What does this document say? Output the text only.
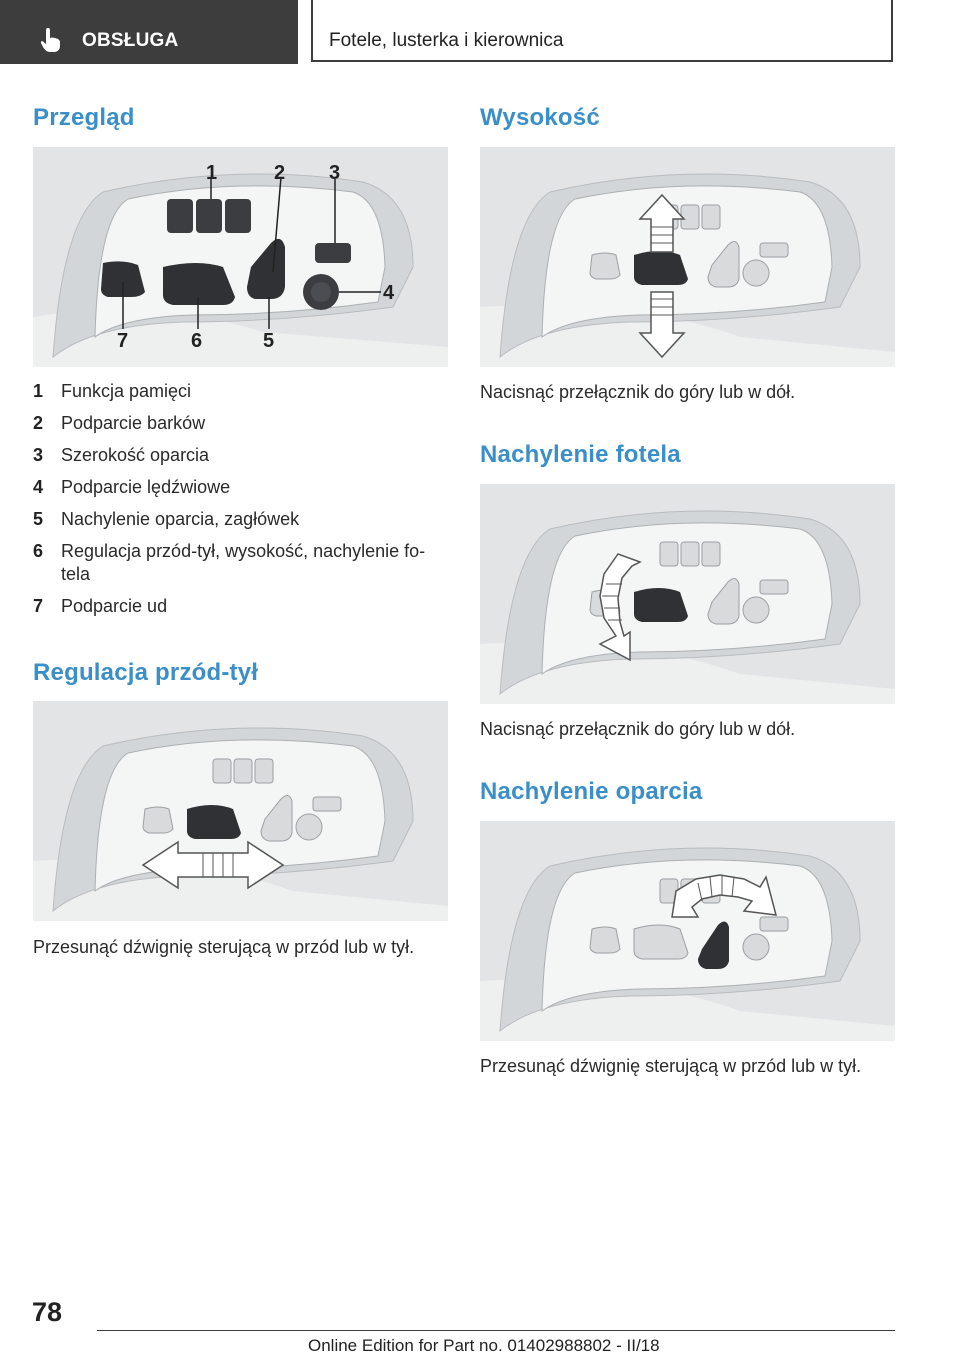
OBSŁUGA	Fotele, lusterka i kierownica
Przegląd
1	2 3
4
5
6
7
1 Funkcja pamięci
2 Podparcie barków
3 Szerokość oparcia
4 Podparcie lędźwiowe
5 Nachylenie oparcia, zagłówek
6 Regulacja przód-tył, wysokość, nachylenie fo-tela
7 Podparcie ud
Regulacja przód-tył
Przesunąć dźwignię sterującą w przód lub w tył.
Wysokość
Nacisnąć przełącznik do góry lub w dół.
Nachylenie fotela
Nacisnąć przełącznik do góry lub w dół.
Nachylenie oparcia
Przesunąć dźwignię sterującą w przód lub w tył.
78
Online Edition for Part no. 01402988802 - II/18
